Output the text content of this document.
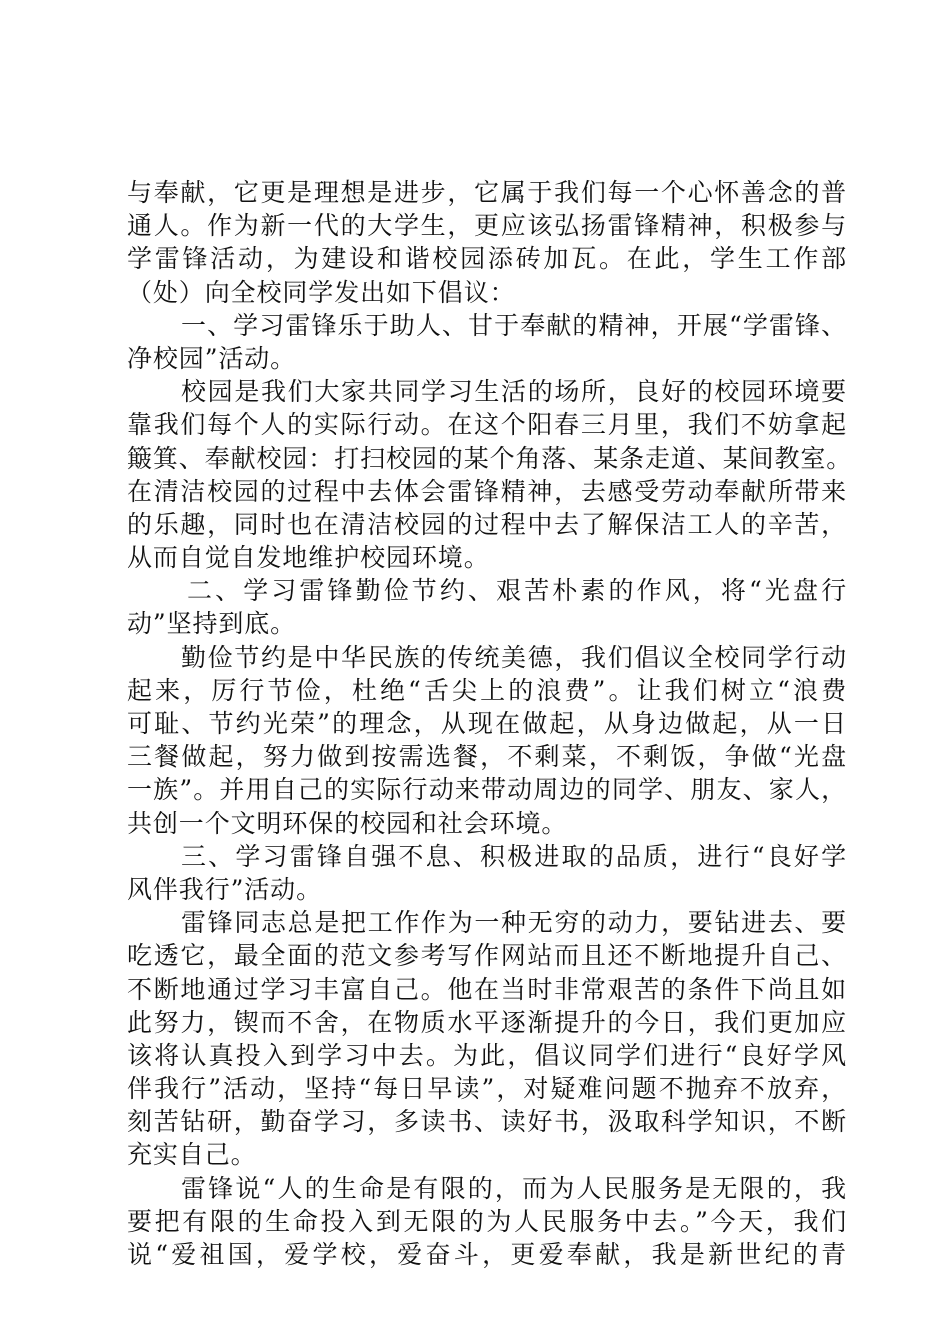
与奉献，它更是理想是进步，它属于我们每一个心怀善念的普
通人。作为新一代的大学生，更应该弘扬雷锋精神，积极参与
学雷锋活动，为建设和谐校园添砖加瓦。在此，学生工作部
（处）向全校同学发出如下倡议：
一、学习雷锋乐于助人、甘于奉献的精神，开展“学雷锋、
净校园”活动。
校园是我们大家共同学习生活的场所，良好的校园环境要
靠我们每个人的实际行动。在这个阳春三月里，我们不妨拿起
簸箕、奉献校园：打扫校园的某个角落、某条走道、某间教室。
在清洁校园的过程中去体会雷锋精神，去感受劳动奉献所带来
的乐趣，同时也在清洁校园的过程中去了解保洁工人的辛苦，
从而自觉自发地维护校园环境。
二、学习雷锋勤俭节约、艰苦朴素的作风，将“光盘行
动”坚持到底。
勤俭节约是中华民族的传统美德，我们倡议全校同学行动
起来，厉行节俭，杜绝“舌尖上的浪费”。让我们树立“浪费
可耻、节约光荣”的理念，从现在做起，从身边做起，从一日
三餐做起，努力做到按需选餐，不剩菜，不剩饭，争做“光盘
一族”。并用自己的实际行动来带动周边的同学、朋友、家人，
共创一个文明环保的校园和社会环境。
三、学习雷锋自强不息、积极进取的品质，进行“良好学
风伴我行”活动。
雷锋同志总是把工作作为一种无穷的动力，要钻进去、要
吃透它，最全面的范文参考写作网站而且还不断地提升自己、
不断地通过学习丰富自己。他在当时非常艰苦的条件下尚且如
此努力，锲而不舍，在物质水平逐渐提升的今日，我们更加应
该将认真投入到学习中去。为此，倡议同学们进行“良好学风
伴我行”活动，坚持“每日早读”，对疑难问题不抛弃不放弃，
刻苦钻研，勤奋学习，多读书、读好书，汲取科学知识，不断
充实自己。
雷锋说“人的生命是有限的，而为人民服务是无限的，我
要把有限的生命投入到无限的为人民服务中去。”今天，我们
说“爱祖国，爱学校，爱奋斗，更爱奉献，我是新世纪的青
